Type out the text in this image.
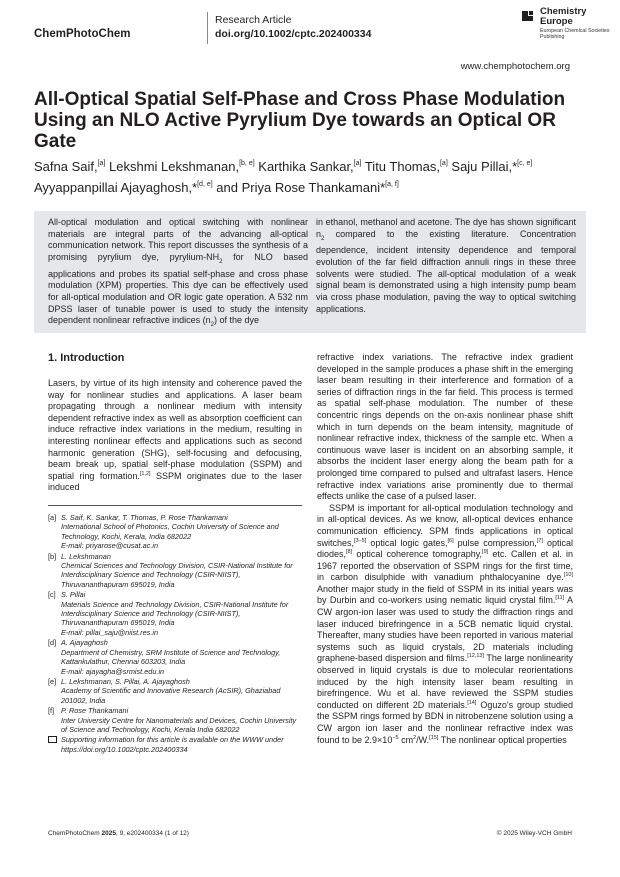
ChemPhotoChem
Research Article
doi.org/10.1002/cptc.202400334
Chemistry Europe
European Chemical Societies Publishing
www.chemphotochem.org
All-Optical Spatial Self-Phase and Cross Phase Modulation Using an NLO Active Pyrylium Dye towards an Optical OR Gate
Safna Saif,[a] Lekshmi Lekshmanan,[b, e] Karthika Sankar,[a] Titu Thomas,[a] Saju Pillai,*[c, e] Ayyappanpillai Ajayaghosh,*[d, e] and Priya Rose Thankamani*[a, f]
All-optical modulation and optical switching with nonlinear materials are integral parts of the advancing all-optical communication network. This report discusses the synthesis of a promising pyrylium dye, pyrylium-$NH_2$ for NLO based applications and probes its spatial self-phase and cross phase modulation (XPM) properties. This dye can be effectively used for all-optical modulation and OR logic gate operation. A 532 nm DPSS laser of tunable power is used to study the intensity dependent nonlinear refractive indices $(n_2)$ of the dye
in ethanol, methanol and acetone. The dye has shown significant $n_2$ compared to the existing literature. Concentration dependence, incident intensity dependence and temporal evolution of the far field diffraction annuli rings in these three solvents were studied. The all-optical modulation of a weak signal beam is demonstrated using a high intensity pump beam via cross phase modulation, paving the way to optical switching applications.
1. Introduction

Lasers, by virtue of its high intensity and coherence paved the way for nonlinear studies and applications. A laser beam propagating through a nonlinear medium with intensity dependent refractive index as well as absorption coefficient can induce refractive index variations in the medium, resulting in interesting nonlinear effects and applications such as second harmonic generation (SHG), self-focusing and defocusing, beam break up, spatial self-phase modulation (SSPM) and spatial ring formation.[1,2] SSPM originates due to the laser induced

refractive index variations. The refractive index gradient developed in the sample produces a phase shift in the emerging laser beam resulting in their interference and formation of a series of diffraction rings in the far field. This process is termed as spatial self-phase modulation. The number of these concentric rings depends on the on-axis nonlinear phase shift which in turn depends on the beam intensity, magnitude of nonlinear refractive index, thickness of the sample etc. When a continuous wave laser is incident on an absorbing sample, it absorbs the incident laser energy along the beam path for a prolonged time compared to pulsed and ultrafast lasers. Hence refractive index variations arise prominently due to thermal effects unlike the case of a pulsed laser.

SSPM is important for all-optical modulation technology and in all-optical devices. As we know, all-optical devices enhance communication efficiency. SPM finds applications in optical switches,[3–5] optical logic gates,[6] pulse compression,[7] optical diodes,[8] optical coherence tomography,[9] etc. Callen et al. in 1967 reported the observation of SSPM rings for the first time, in carbon disulphide with vanadium phthalocyanine dye.[10] Another major study in the field of SSPM in its initial years was by Durbin and co-workers using nematic liquid crystal film.[11] A CW argon-ion laser was used to study the diffraction rings and laser induced birefringence in a 5CB nematic liquid crystal. Thereafter, many studies have been reported in various material systems such as liquid crystals, 2D materials including graphene-based dispersion and films.[12,13] The large nonlinearity observed in liquid crystals is due to molecular reorientations induced by the high intensity laser beam resulting in birefringence. Wu et al. have reviewed the SSPM studies conducted on different 2D materials.[14] Oguzo's group studied the SSPM rings formed by BDN in nitrobenzene solution using a CW argon ion laser and the nonlinear refractive index was found to be $2.9\times 10^{-5}$ $cm^2/W.[15]$ The nonlinear optical properties

[a] S. Saif, K. Sankar, T. Thomas, P. Rose Thankamani
International School of Photonics, Cochin University of Science and Technology, Kochi, Kerala, India 682022
E-mail: priyarose@cusat.ac.in
[b] L. Lekshmanan
Chemical Sciences and Technology Division, CSIR-National Institute for Interdisciplinary Science and Technology (CSIR-NIIST), Thiruvananthapuram 695019, India
[c] S. Pillai
Materials Science and Technology Division, CSIR-National Institute for Interdisciplinary Science and Technology (CSIR-NIIST), Thiruvananthapuram 695019, India
E-mail: pillai_saju@niist.res.in
[d] A. Ajayaghosh
Department of Chemistry, SRM Institute of Science and Technology, Kattankulathur, Chennai 603203, India
E-mail: ajayagha@srmist.edu.in
[e] L. Lekshmanan, S. Pillai, A. Ajayaghosh
Academy of Scientific and Innovative Research (AcSIR), Ghaziabad 201002, India
[f] P. Rose Thankamani
Inter University Centre for Nanomaterials and Devices, Cochin University of Science and Technology, Kochi, Kerala India 682022
Supporting information for this article is available on the WWW under https://doi.org/10.1002/cptc.202400334
ChemPhotoChem 2025, 9, e202400334 (1 of 12)	© 2025 Wiley-VCH GmbH
